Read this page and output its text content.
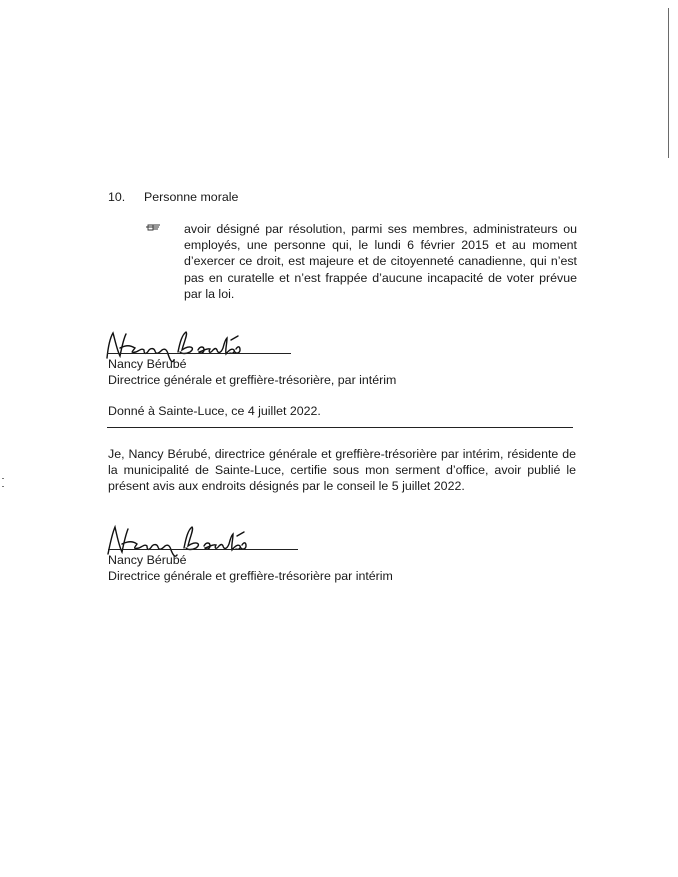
10. Personne morale

avoir désigné par résolution, parmi ses membres, administrateurs ou employés, une personne qui, le lundi 6 février 2015 et au moment d’exercer ce droit, est majeure et de citoyenneté canadienne, qui n’est pas en curatelle et n’est frappée d’aucune incapacité de voter prévue par la loi.

Nancy Bérubé
Directrice générale et greffière-trésorière, par intérim
Donné à Sainte-Luce, ce 4 juillet 2022.

Je, Nancy Bérubé, directrice générale et greffière-trésorière par intérim, résidente de la municipalité de Sainte-Luce, certifie sous mon serment d’office, avoir publié le présent avis aux endroits désignés par le conseil le 5 juillet 2022.

Nancy Bérubé
Directrice générale et greffière-trésorière par intérim
